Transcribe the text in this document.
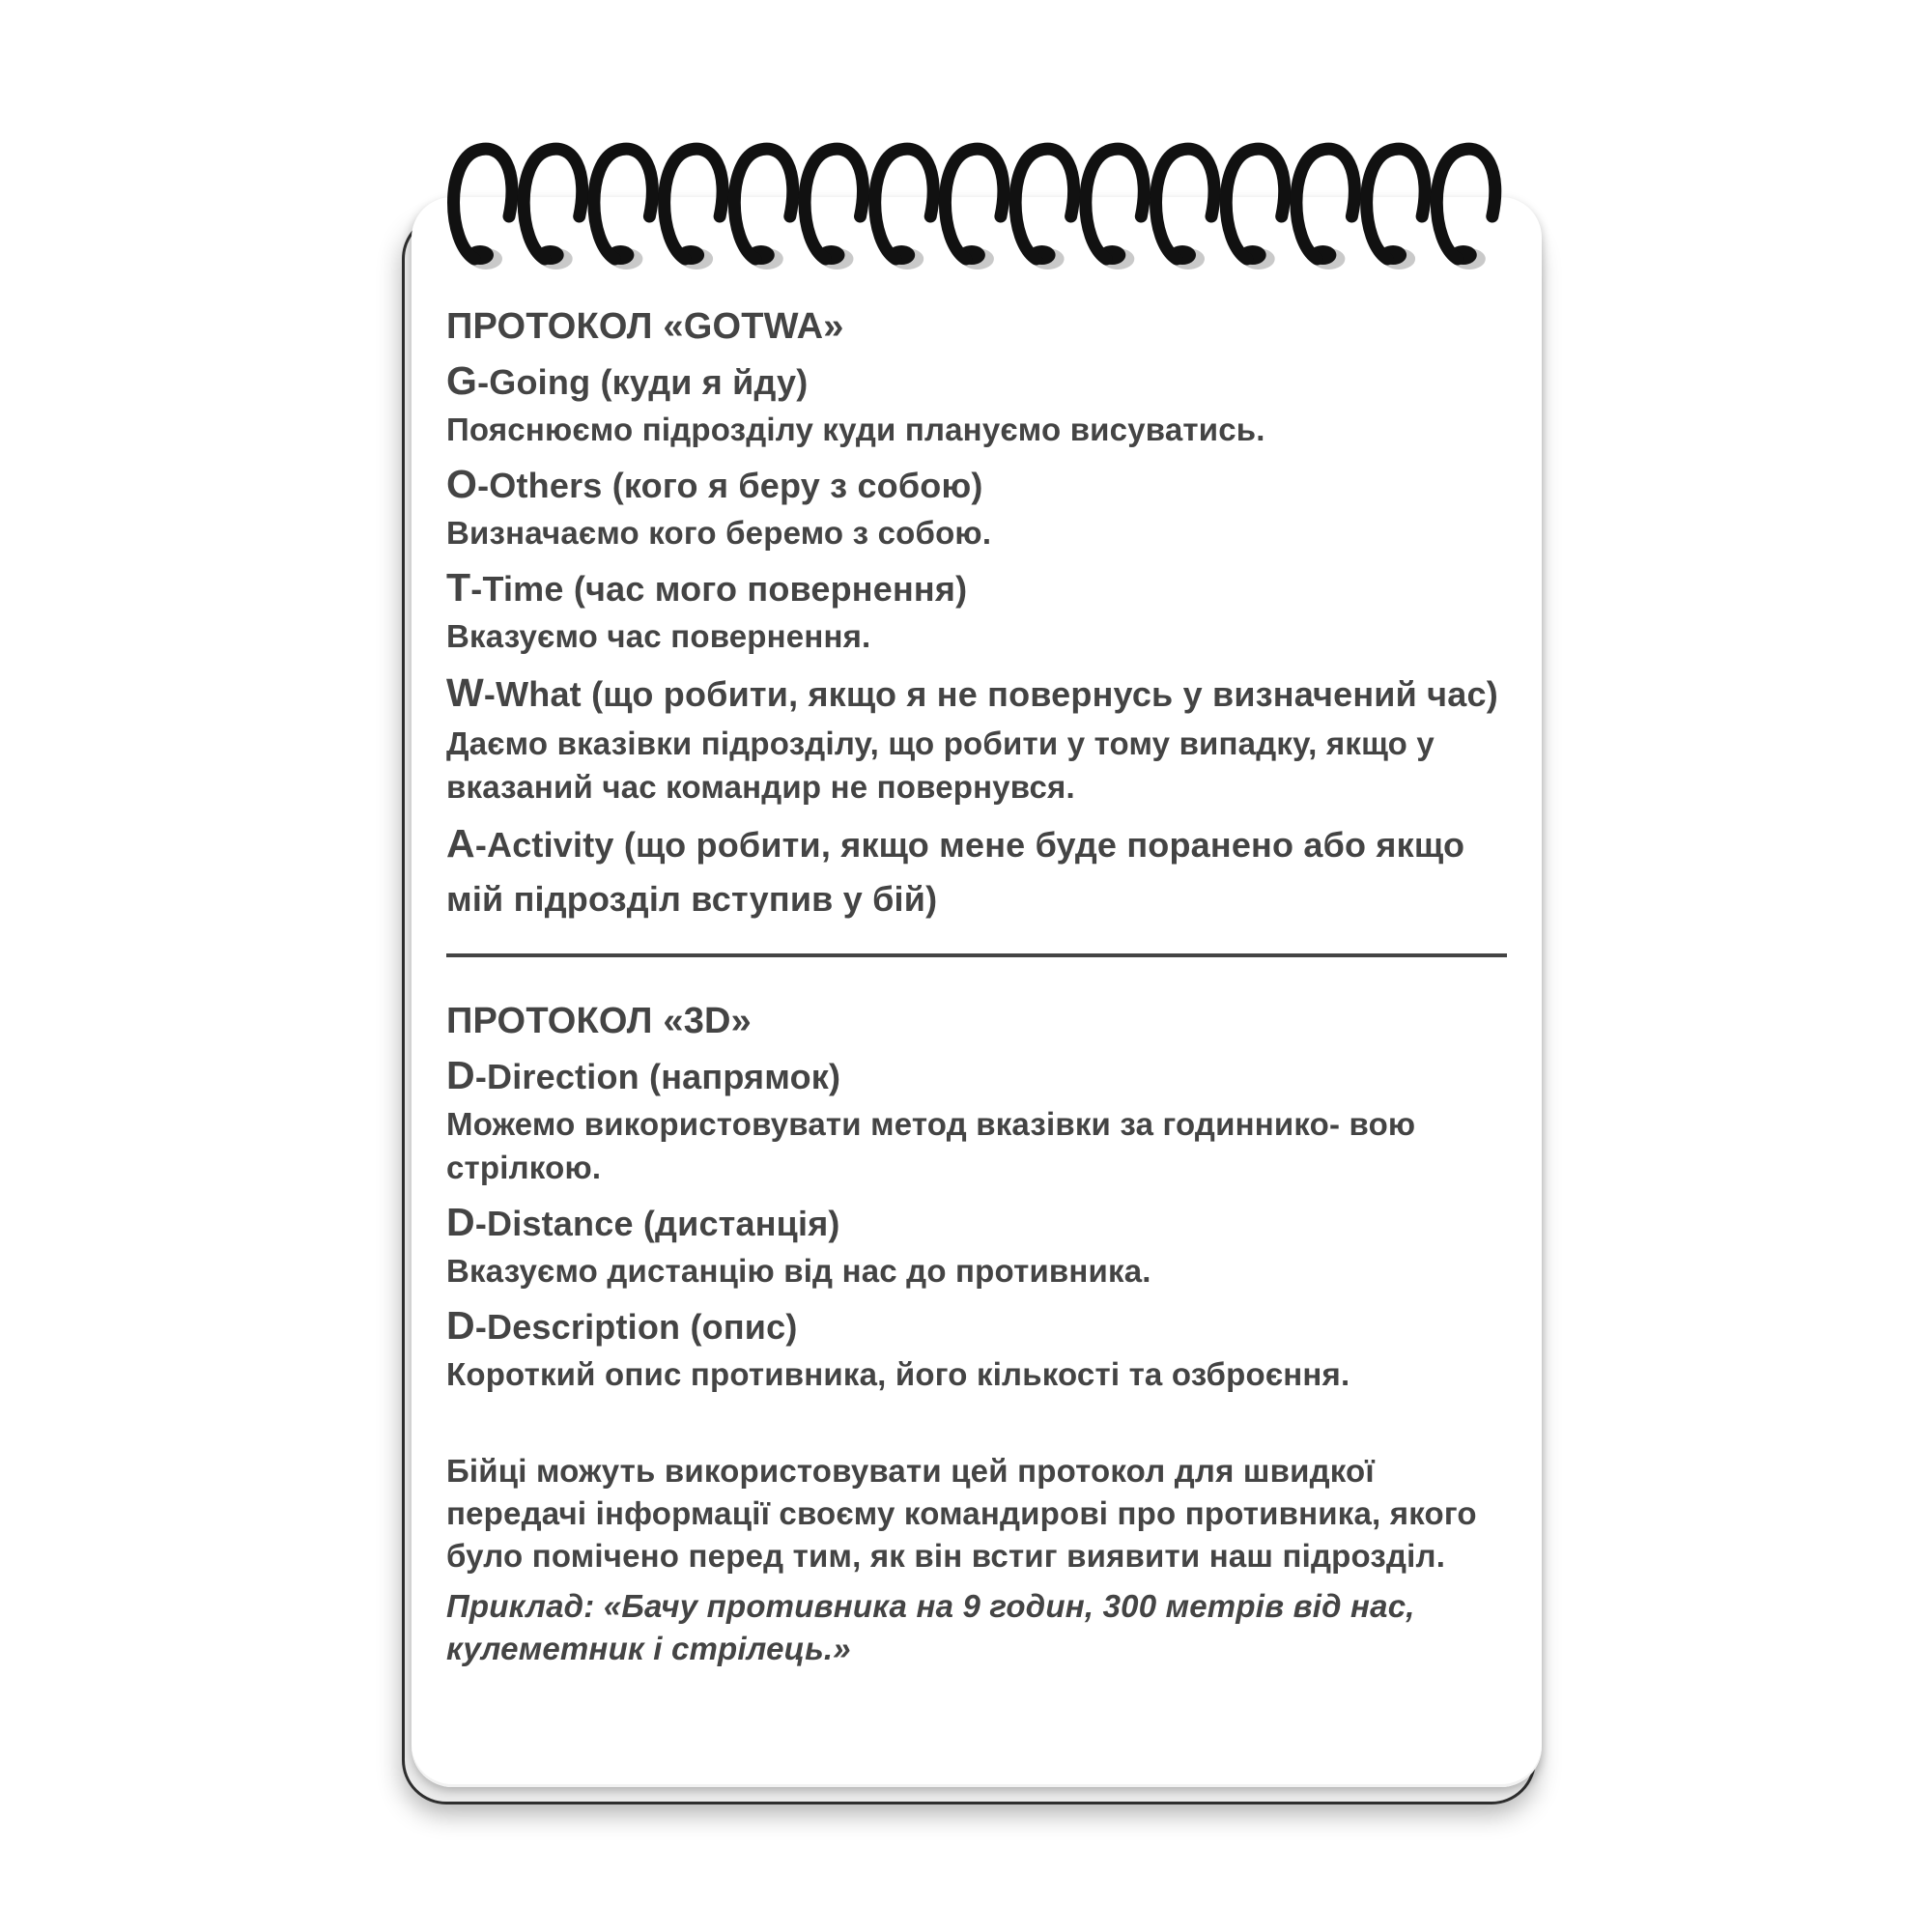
ПРОТОКОЛ «GOTWA»

G-Going (куди я йду)

Пояснюємо підрозділу куди плануємо висуватись.

O-Others (кого я беру з собою)

Визначаємо кого беремо з собою.

T-Time (час мого повернення)

Вказуємо час повернення.

W-What (що робити, якщо я не повернусь у визначений час)

Даємо вказівки підрозділу, що робити у тому випадку, якщо у вказаний час командир не повернувся.

A-Activity (що робити, якщо мене буде поранено або якщо мій підрозділ вступив у бій)

ПРОТОКОЛ «3D»

D-Direction (напрямок)

Можемо використовувати метод вказівки за годиннико- вою стрілкою.

D-Distance (дистанція)

Вказуємо дистанцію від нас до противника.

D-Description (опис)

Короткий опис противника, його кількості та озброєння.

Бійці можуть використовувати цей протокол для швидкої передачі інформації своєму командирові про противника, якого було помічено перед тим, як він встиг виявити наш підрозділ.

Приклад: «Бачу противника на 9 годин, 300 метрів від нас, кулеметник і стрілець.»
